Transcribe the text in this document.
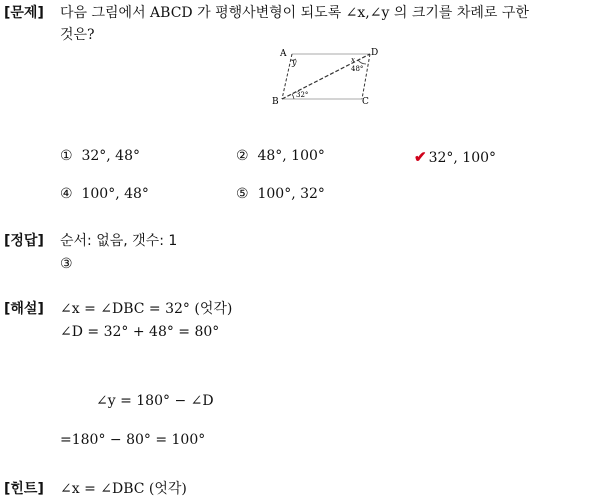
[문제] 다음 그림에서 ABCD 가 평행사변형이 되도록 ∠x,∠y 의 크기를 차례로 구한
것은?
A	D
B	C
y	x
48°
32°
① 32°, 48°	② 48°, 100°	✔ 32°, 100°
④ 100°, 48°	⑤ 100°, 32°
[정답] 순서: 없음, 갯수: 1
③
[해설] ∠x = ∠DBC = 32° (엇각)
∠D = 32° + 48° = 80°
∠y = 180° − ∠D
=180° − 80° = 100°
[힌트] ∠x = ∠DBC (엇각)
